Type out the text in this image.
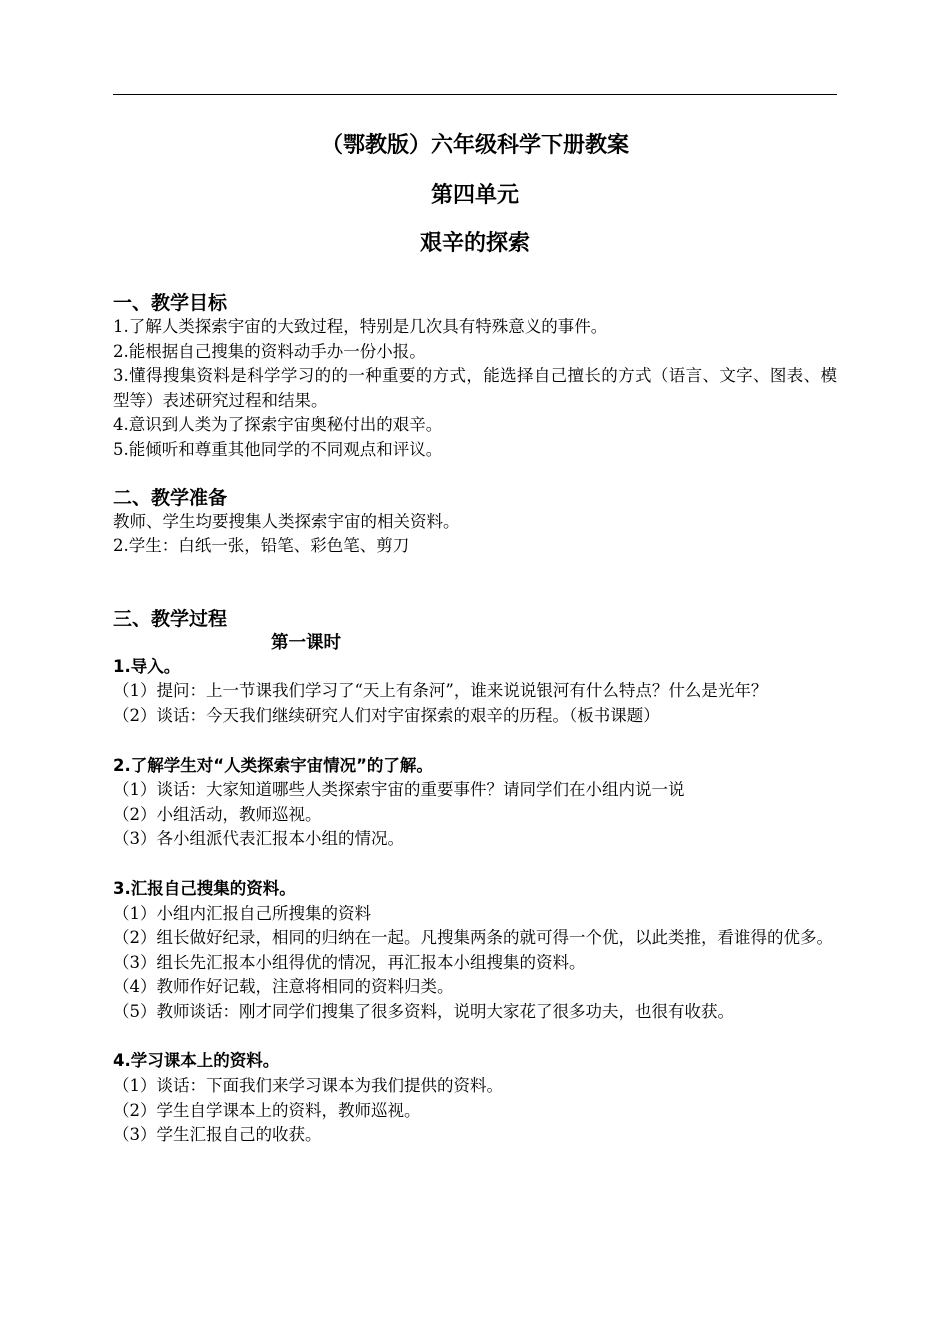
（鄂教版）六年级科学下册教案
第四单元
艰辛的探索
一、教学目标

1.了解人类探索宇宙的大致过程，特别是几次具有特殊意义的事件。

2.能根据自己搜集的资料动手办一份小报。

3.懂得搜集资料是科学学习的的一种重要的方式，能选择自己擅长的方式（语言、文字、图表、模型等）表述研究过程和结果。

4.意识到人类为了探索宇宙奥秘付出的艰辛。

5.能倾听和尊重其他同学的不同观点和评议。

二、教学准备

教师、学生均要搜集人类探索宇宙的相关资料。

2.学生：白纸一张，铅笔、彩色笔、剪刀

三、教学过程
第一课时
1.导入。

（1）提问：上一节课我们学习了“天上有条河”，谁来说说银河有什么特点？什么是光年？

（2）谈话：今天我们继续研究人们对宇宙探索的艰辛的历程。（板书课题）

2.了解学生对“人类探索宇宙情况”的了解。

（1）谈话：大家知道哪些人类探索宇宙的重要事件？请同学们在小组内说一说

（2）小组活动，教师巡视。

（3）各小组派代表汇报本小组的情况。

3.汇报自己搜集的资料。

（1）小组内汇报自己所搜集的资料

（2）组长做好纪录，相同的归纳在一起。凡搜集两条的就可得一个优，以此类推，看谁得的优多。

（3）组长先汇报本小组得优的情况，再汇报本小组搜集的资料。

（4）教师作好记载，注意将相同的资料归类。

（5）教师谈话：刚才同学们搜集了很多资料，说明大家花了很多功夫，也很有收获。

4.学习课本上的资料。

（1）谈话：下面我们来学习课本为我们提供的资料。

（2）学生自学课本上的资料，教师巡视。

（3）学生汇报自己的收获。
